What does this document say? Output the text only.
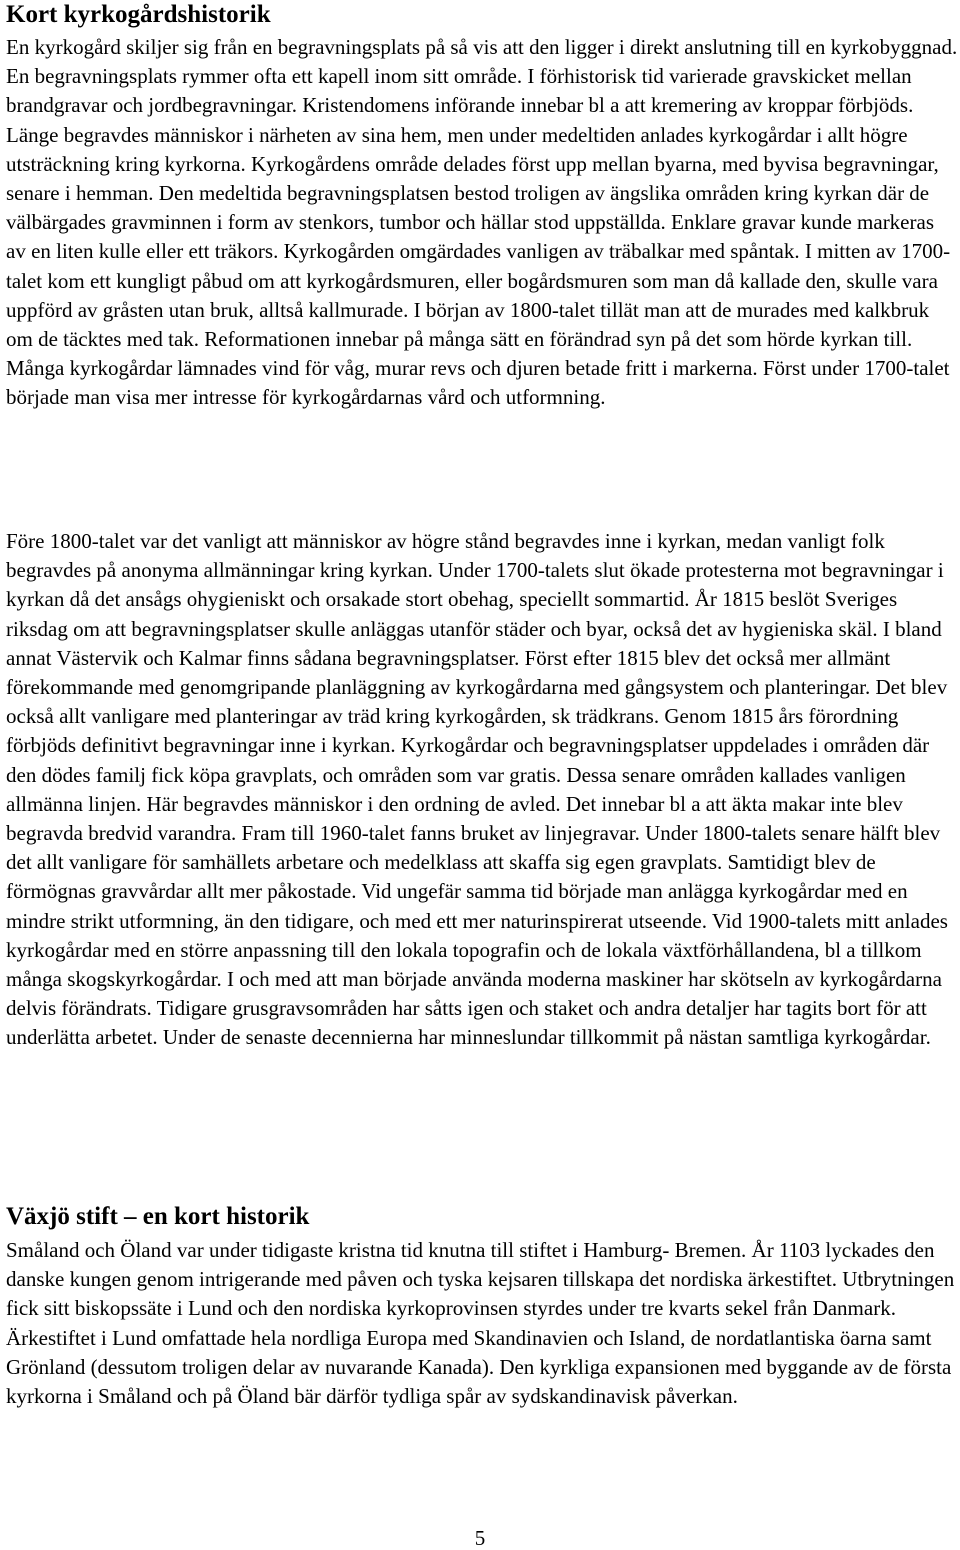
Kort kyrkogårdshistorik

En kyrkogård skiljer sig från en begravningsplats på så vis att den ligger i direkt anslutning till en kyrkobyggnad. En begravningsplats rymmer ofta ett kapell inom sitt område. I förhistorisk tid varierade gravskicket mellan brandgravar och jordbegravningar. Kristendomens införande innebar bl a att kremering av kroppar förbjöds. Länge begravdes människor i närheten av sina hem, men under medeltiden anlades kyrkogårdar i allt högre utsträckning kring kyrkorna. Kyrkogårdens område delades först upp mellan byarna, med byvisa begravningar, senare i hemman. Den medeltida begravningsplatsen bestod troligen av ängslika områden kring kyrkan där de välbärgades gravminnen i form av stenkors, tumbor och hällar stod uppställda. Enklare gravar kunde markeras av en liten kulle eller ett träkors. Kyrkogården omgärdades vanligen av träbalkar med spåntak. I mitten av 1700-talet kom ett kungligt påbud om att kyrkogårdsmuren, eller bogårdsmuren som man då kallade den, skulle vara uppförd av gråsten utan bruk, alltså kallmurade. I början av 1800-talet tillät man att de murades med kalkbruk om de täcktes med tak. Reformationen innebar på många sätt en förändrad syn på det som hörde kyrkan till. Många kyrkogårdar lämnades vind för våg, murar revs och djuren betade fritt i markerna. Först under 1700-talet började man visa mer intresse för kyrkogårdarnas vård och utformning.

Före 1800-talet var det vanligt att människor av högre stånd begravdes inne i kyrkan, medan vanligt folk begravdes på anonyma allmänningar kring kyrkan. Under 1700-talets slut ökade protesterna mot begravningar i kyrkan då det ansågs ohygieniskt och orsakade stort obehag, speciellt sommartid. År 1815 beslöt Sveriges riksdag om att begravningsplatser skulle anläggas utanför städer och byar, också det av hygieniska skäl. I bland annat Västervik och Kalmar finns sådana begravningsplatser. Först efter 1815 blev det också mer allmänt förekommande med genomgripande planläggning av kyrkogårdarna med gångsystem och planteringar. Det blev också allt vanligare med planteringar av träd kring kyrkogården, sk trädkrans. Genom 1815 års förordning förbjöds definitivt begravningar inne i kyrkan. Kyrkogårdar och begravningsplatser uppdelades i områden där den dödes familj fick köpa gravplats, och områden som var gratis. Dessa senare områden kallades vanligen allmänna linjen. Här begravdes människor i den ordning de avled. Det innebar bl a att äkta makar inte blev begravda bredvid varandra. Fram till 1960-talet fanns bruket av linjegravar. Under 1800-talets senare hälft blev det allt vanligare för samhällets arbetare och medelklass att skaffa sig egen gravplats. Samtidigt blev de förmögnas gravvårdar allt mer påkostade. Vid ungefär samma tid började man anlägga kyrkogårdar med en mindre strikt utformning, än den tidigare, och med ett mer naturinspirerat utseende. Vid 1900-talets mitt anlades kyrkogårdar med en större anpassning till den lokala topografin och de lokala växtförhållandena, bl a tillkom många skogskyrkogårdar. I och med att man började använda moderna maskiner har skötseln av kyrkogårdarna delvis förändrats. Tidigare grusgravsområden har såtts igen och staket och andra detaljer har tagits bort för att underlätta arbetet. Under de senaste decennierna har minneslundar tillkommit på nästan samtliga kyrkogårdar.

Växjö stift – en kort historik

Småland och Öland var under tidigaste kristna tid knutna till stiftet i Hamburg- Bremen. År 1103 lyckades den danske kungen genom intrigerande med påven och tyska kejsaren tillskapa det nordiska ärkestiftet. Utbrytningen fick sitt biskopssäte i Lund och den nordiska kyrkoprovinsen styrdes under tre kvarts sekel från Danmark. Ärkestiftet i Lund omfattade hela nordliga Europa med Skandinavien och Island, de nordatlantiska öarna samt Grönland (dessutom troligen delar av nuvarande Kanada). Den kyrkliga expansionen med byggande av de första kyrkorna i Småland och på Öland bär därför tydliga spår av sydskandinavisk påverkan.

5
